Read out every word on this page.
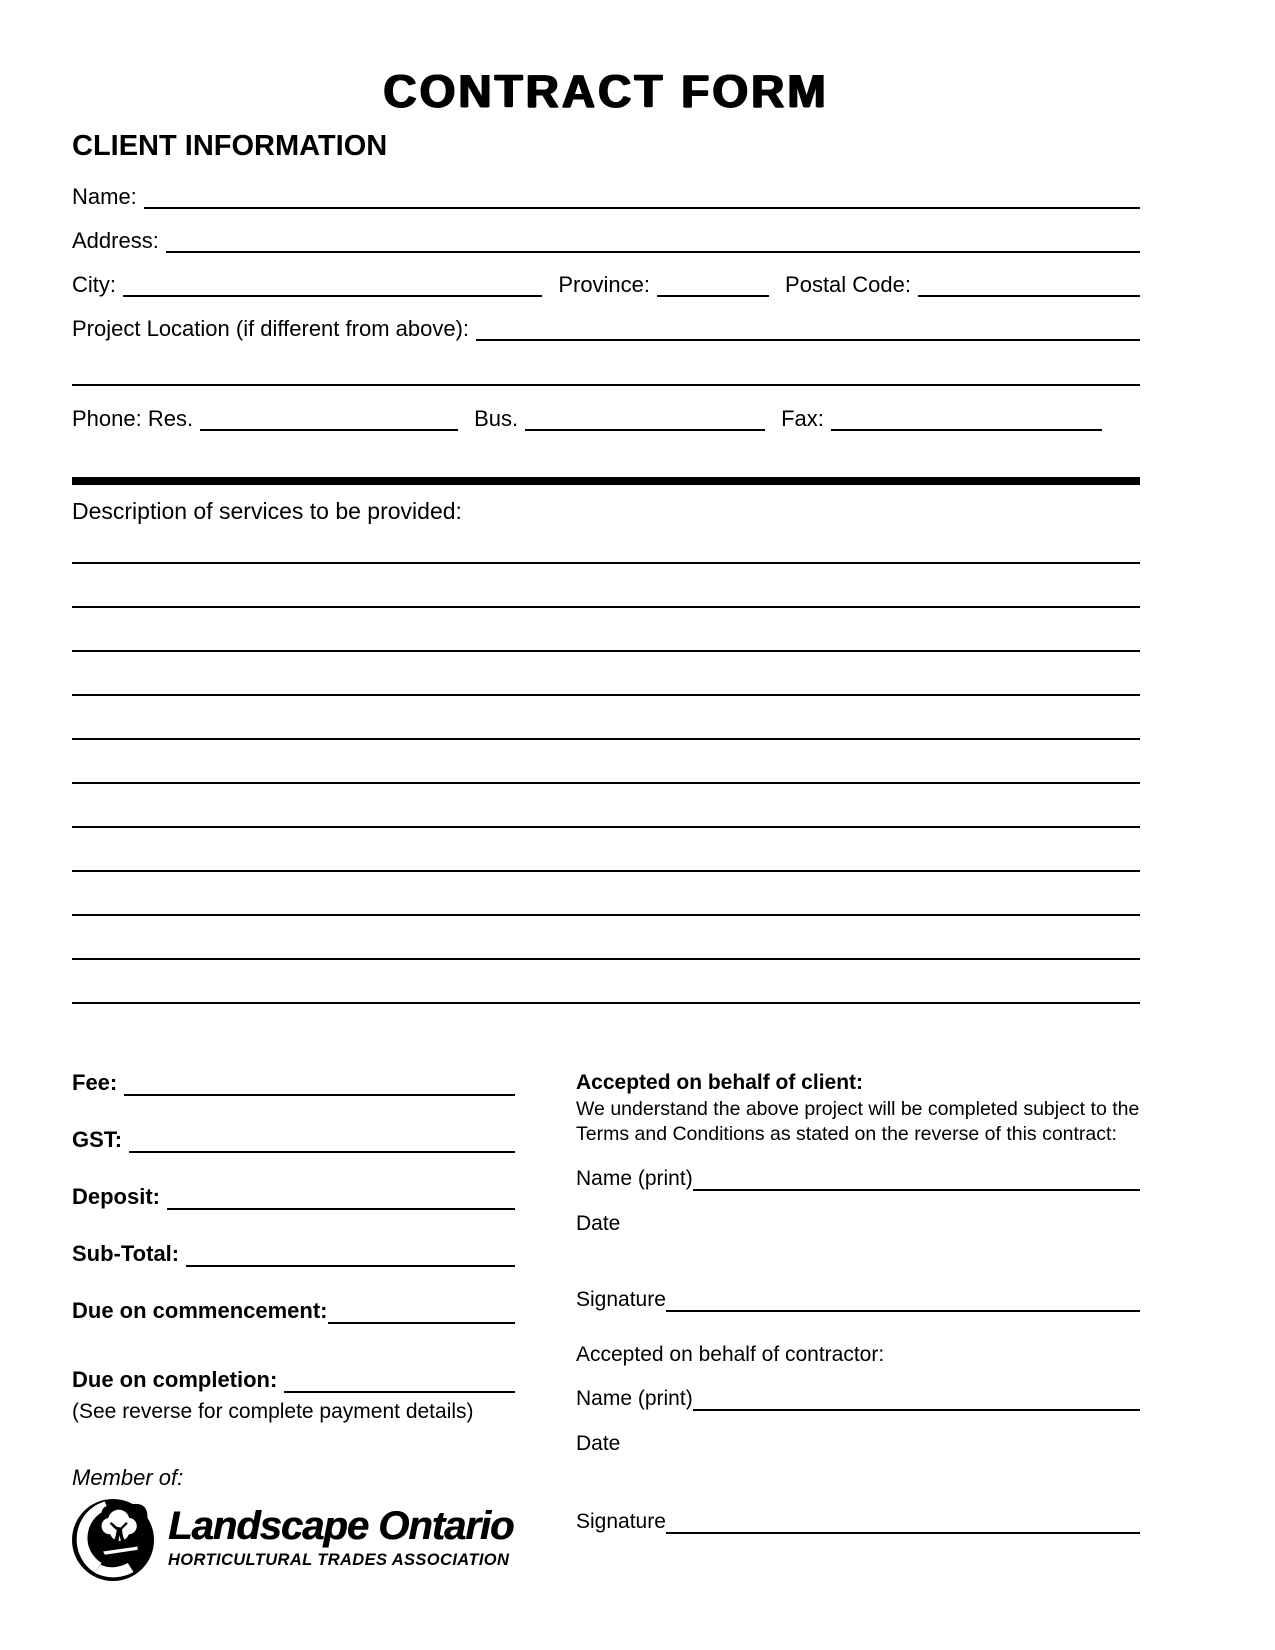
CONTRACT FORM
CLIENT INFORMATION
Name:
Address:
City:	Province:	Postal Code:
Project Location (if different from above):
Phone: Res.	Bus.	Fax:
Description of services to be provided:
Fee:
GST:
Deposit:
Sub-Total:
Due on commencement:
Due on completion:
(See reverse for complete payment details)
Member of:
Landscape Ontario
HORTICULTURAL TRADES ASSOCIATION
Accepted on behalf of client:
We understand the above project will be completed subject to the Terms and Conditions as stated on the reverse of this contract:
Name (print)
Date
Signature
Accepted on behalf of contractor:
Name (print)
Date
Signature
